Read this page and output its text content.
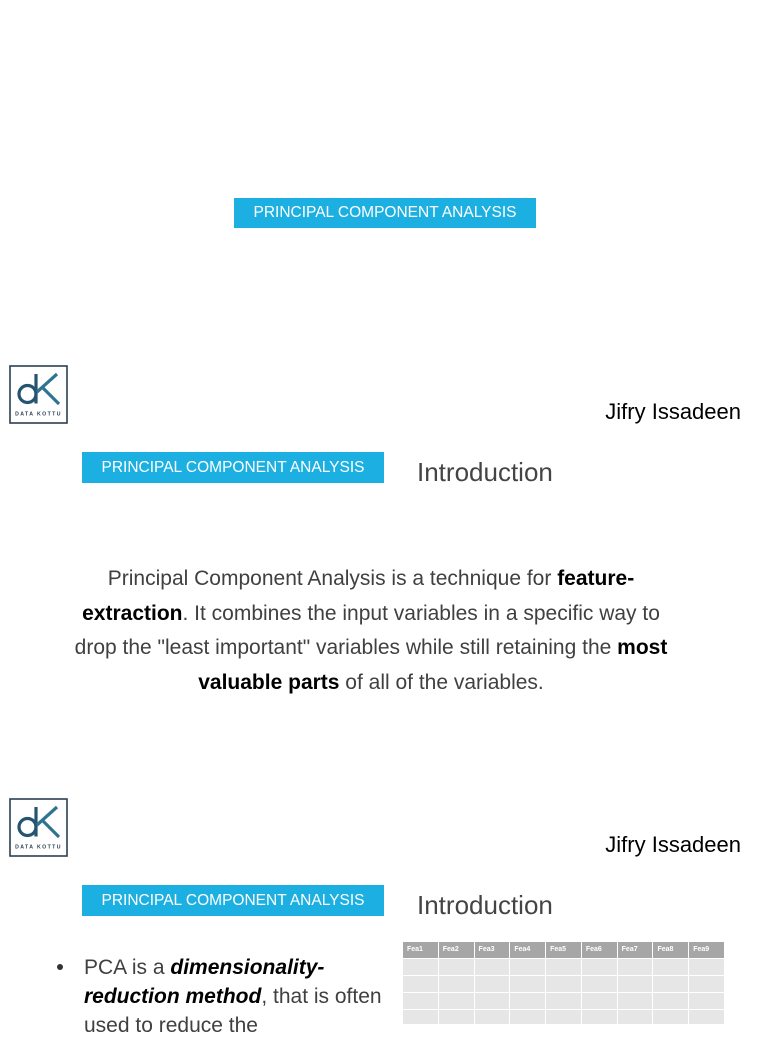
PRINCIPAL COMPONENT ANALYSIS
DATA KOTTU	Jifry Issadeen
PRINCIPAL COMPONENT ANALYSIS	Introduction
Principal Component Analysis is a technique for feature-
extraction. It combines the input variables in a specific way to
drop the "least important" variables while still retaining the most
valuable parts of all of the variables.
DATA KOTTU	Jifry Issadeen
PRINCIPAL COMPONENT ANALYSIS	Introduction
PCA is a dimensionality-
reduction method, that is often
used to reduce the
Fea1	Fea2	Fea3	Fea4	Fea5	Fea6	Fea7	Fea8	Fea9
